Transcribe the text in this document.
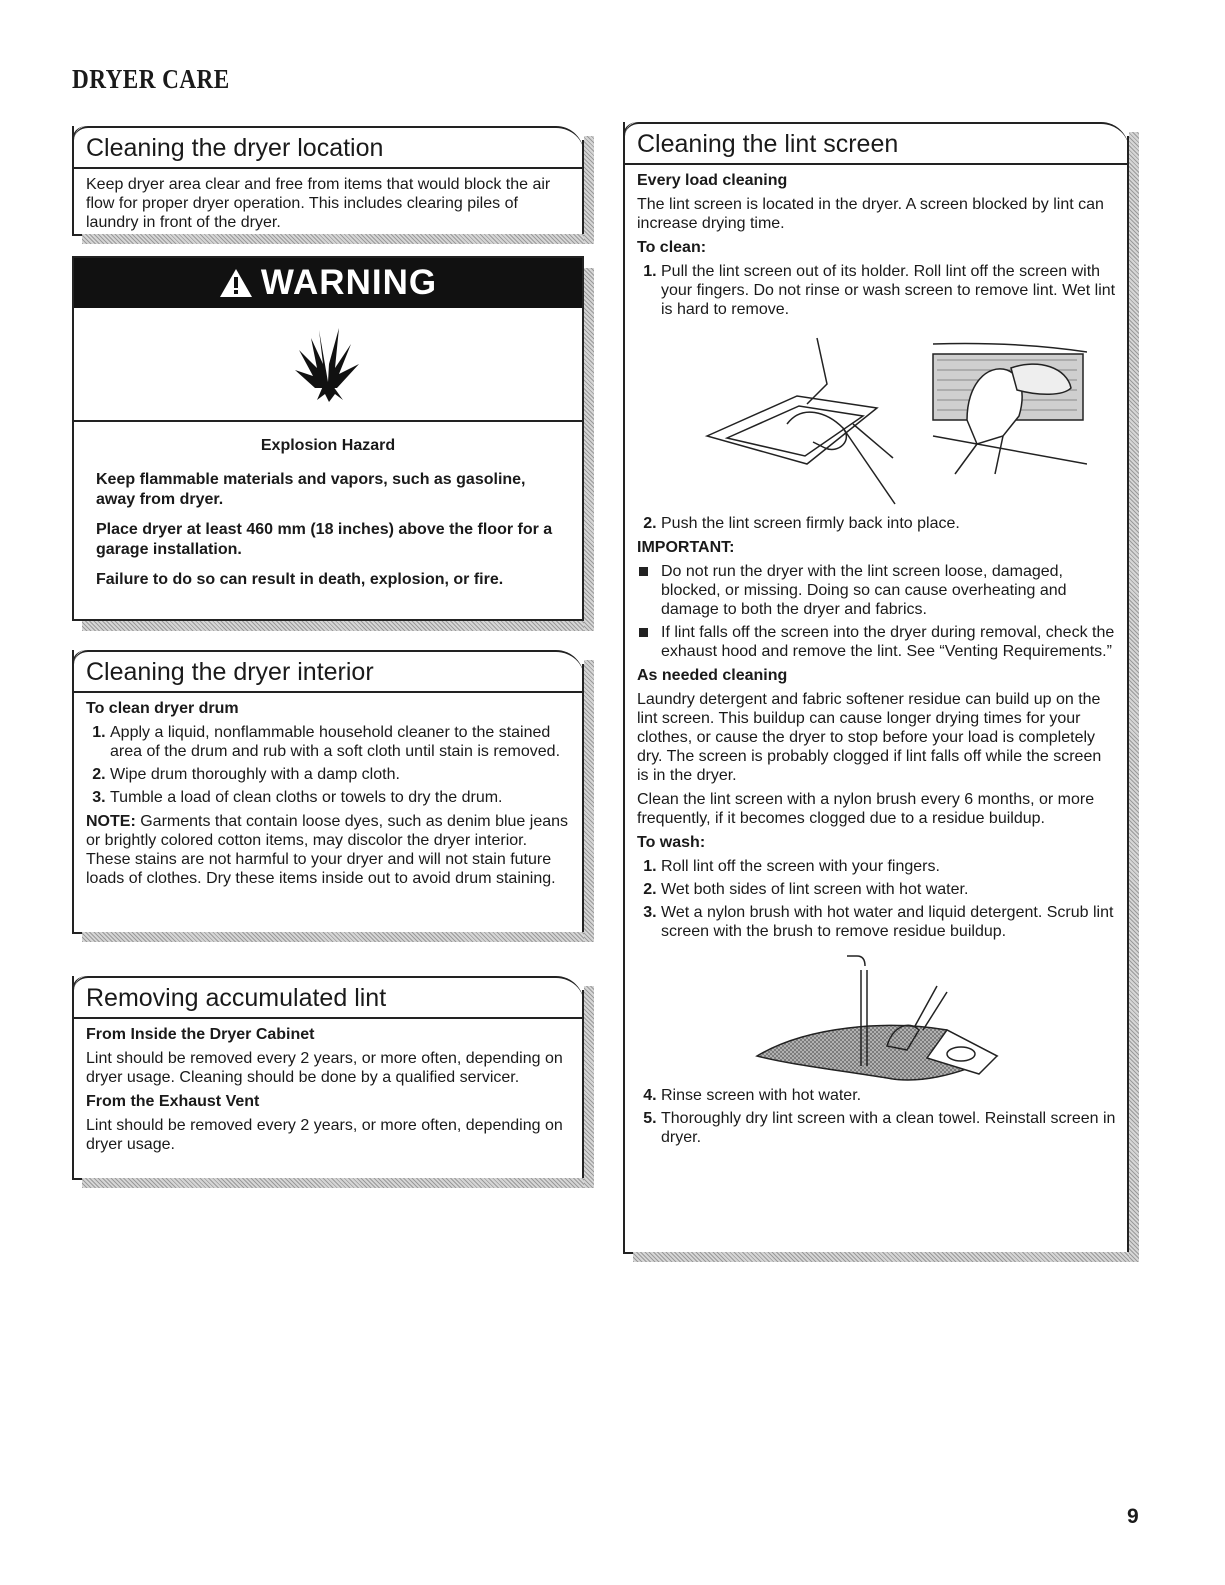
DRYER CARE
Cleaning the dryer location

Keep dryer area clear and free from items that would block the air flow for proper dryer operation. This includes clearing piles of laundry in front of the dryer.

WARNING

Explosion Hazard

Keep flammable materials and vapors, such as gasoline, away from dryer.

Place dryer at least 460 mm (18 inches) above the floor for a garage installation.

Failure to do so can result in death, explosion, or fire.

Cleaning the dryer interior

To clean dryer drum

1. Apply a liquid, nonflammable household cleaner to the stained area of the drum and rub with a soft cloth until stain is removed.
2. Wipe drum thoroughly with a damp cloth.
3. Tumble a load of clean cloths or towels to dry the drum.

NOTE: Garments that contain loose dyes, such as denim blue jeans or brightly colored cotton items, may discolor the dryer interior. These stains are not harmful to your dryer and will not stain future loads of clothes. Dry these items inside out to avoid drum staining.

Removing accumulated lint

From Inside the Dryer Cabinet

Lint should be removed every 2 years, or more often, depending on dryer usage. Cleaning should be done by a qualified servicer.

From the Exhaust Vent

Lint should be removed every 2 years, or more often, depending on dryer usage.

Cleaning the lint screen

Every load cleaning

The lint screen is located in the dryer. A screen blocked by lint can increase drying time.

To clean:

1. Pull the lint screen out of its holder. Roll lint off the screen with your fingers. Do not rinse or wash screen to remove lint. Wet lint is hard to remove.
2. Push the lint screen firmly back into place.

IMPORTANT:

Do not run the dryer with the lint screen loose, damaged, blocked, or missing. Doing so can cause overheating and damage to both the dryer and fabrics.
If lint falls off the screen into the dryer during removal, check the exhaust hood and remove the lint. See “Venting Requirements.”

As needed cleaning

Laundry detergent and fabric softener residue can build up on the lint screen. This buildup can cause longer drying times for your clothes, or cause the dryer to stop before your load is completely dry. The screen is probably clogged if lint falls off while the screen is in the dryer.

Clean the lint screen with a nylon brush every 6 months, or more frequently, if it becomes clogged due to a residue buildup.

To wash:

1. Roll lint off the screen with your fingers.
2. Wet both sides of lint screen with hot water.
3. Wet a nylon brush with hot water and liquid detergent. Scrub lint screen with the brush to remove residue buildup.
4. Rinse screen with hot water.
5. Thoroughly dry lint screen with a clean towel. Reinstall screen in dryer.
9
